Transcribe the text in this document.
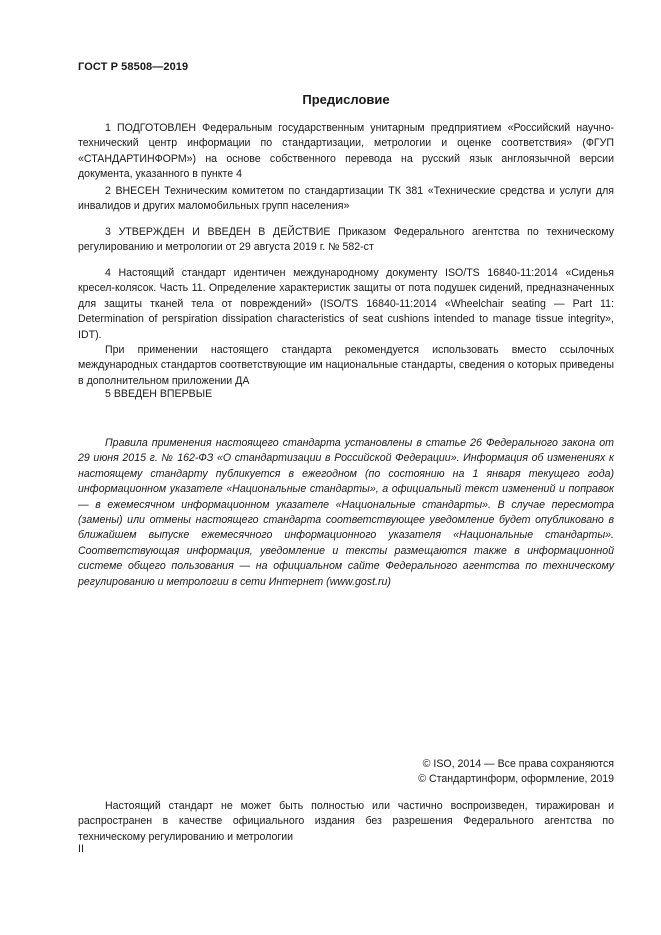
ГОСТ Р 58508—2019
Предисловие

1 ПОДГОТОВЛЕН Федеральным государственным унитарным предприятием «Российский научно-технический центр информации по стандартизации, метрологии и оценке соответствия» (ФГУП «СТАНДАРТИНФОРМ») на основе собственного перевода на русский язык англоязычной версии документа, указанного в пункте 4

2 ВНЕСЕН Техническим комитетом по стандартизации ТК 381 «Технические средства и услуги для инвалидов и других маломобильных групп населения»

3 УТВЕРЖДЕН И ВВЕДЕН В ДЕЙСТВИЕ Приказом Федерального агентства по техническому регулированию и метрологии от 29 августа 2019 г. № 582-ст

4 Настоящий стандарт идентичен международному документу ISO/TS 16840-11:2014 «Сиденья кресел-колясок. Часть 11. Определение характеристик защиты от пота подушек сидений, предназначенных для защиты тканей тела от повреждений» (ISO/TS 16840-11:2014 «Wheelchair seating — Part 11: Determination of perspiration dissipation characteristics of seat cushions intended to manage tissue integrity», IDT).

При применении настоящего стандарта рекомендуется использовать вместо ссылочных международных стандартов соответствующие им национальные стандарты, сведения о которых приведены в дополнительном приложении ДА

5 ВВЕДЕН ВПЕРВЫЕ

Правила применения настоящего стандарта установлены в статье 26 Федерального закона от 29 июня 2015 г. № 162-ФЗ «О стандартизации в Российской Федерации». Информация об изменениях к настоящему стандарту публикуется в ежегодном (по состоянию на 1 января текущего года) информационном указателе «Национальные стандарты», а официальный текст изменений и поправок — в ежемесячном информационном указателе «Национальные стандарты». В случае пересмотра (замены) или отмены настоящего стандарта соответствующее уведомление будет опубликовано в ближайшем выпуске ежемесячного информационного указателя «Национальные стандарты». Соответствующая информация, уведомление и тексты размещаются также в информационной системе общего пользования — на официальном сайте Федерального агентства по техническому регулированию и метрологии в сети Интернет (www.gost.ru)

© ISO, 2014 — Все права сохраняются
© Стандартинформ, оформление, 2019

Настоящий стандарт не может быть полностью или частично воспроизведен, тиражирован и распространен в качестве официального издания без разрешения Федерального агентства по техническому регулированию и метрологии

II
